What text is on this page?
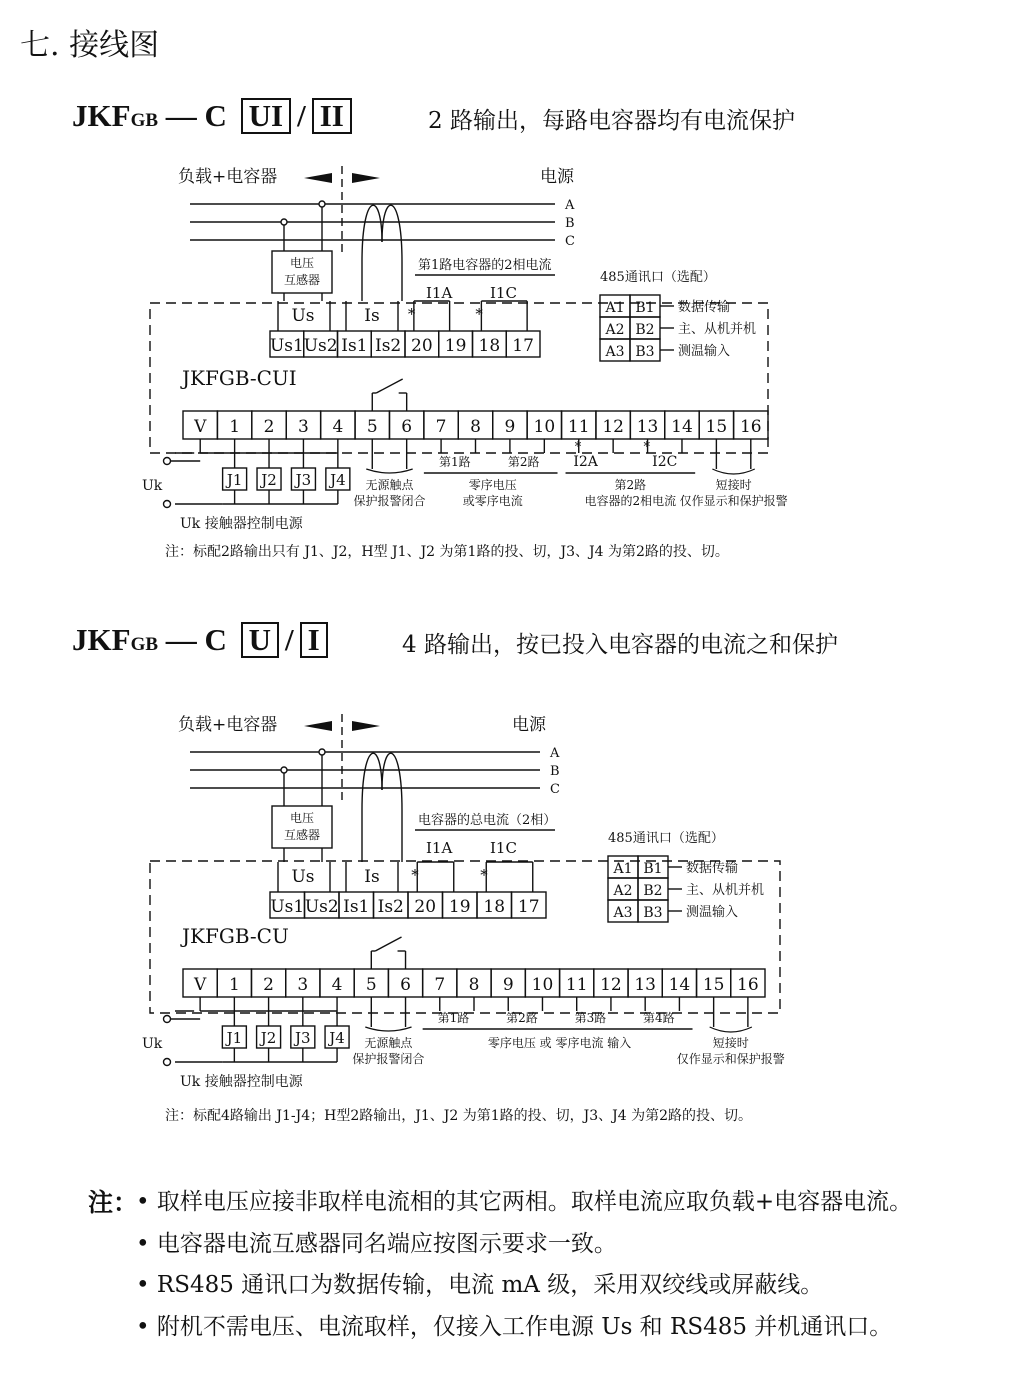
七. 接线图
JKFGB — C UI / II	2 路输出，每路电容器均有电流保护
负载+电容器	电源
A
B
C
电压
互感器
第1路电容器的2相电流
I1A	I1C
Us1 Us2 Is1 Is2 20 19 18 17
Us	Is *	*
485通讯口（选配）
A1 B1 数据传输
A2 B2 主、从机并机
A3 B3 测温输入
JKFGB-CUI
V 1 2 3 4 5 6 7 8 9 10 11 12 13 14 15 16
J1 J2 J3 J4
Uk
Uk 接触器控制电源
无源触点
保护报警闭合
第1路	第2路
零序电压
或零序电流
I2A	I2C
第2路
电容器的2相电流
*	*
短接时
仅作显示和保护报警
注：标配2路输出只有 J1、J2，H型 J1、J2 为第1路的投、切，J3、J4 为第2路的投、切。
JKFGB — C U / I	4 路输出，按已投入电容器的电流之和保护
负载+电容器	电源
A
B
C
电压
互感器
电容器的总电流（2相）
I1A	I1C
Us1 Us2 Is1 Is2 20 19 18 17
Us	Is *	*
485通讯口（选配）
A1 B1 数据传输
A2 B2 主、从机并机
A3 B3 测温输入
JKFGB-CU
V 1 2 3 4 5 6 7 8 9 10 11 12 13 14 15 16
J1 J2 J3 J4
Uk
Uk 接触器控制电源
无源触点
保护报警闭合
第1路	第2路	第3路	第4路
零序电压 或 零序电流 输入	短接时
仅作显示和保护报警
注：标配4路输出 J1-J4；H型2路输出，J1、J2 为第1路的投、切，J3、J4 为第2路的投、切。
注：
• 取样电压应接非取样电流相的其它两相。取样电流应取负载+电容器电流。
• 电容器电流互感器同名端应按图示要求一致。
• RS485 通讯口为数据传输，电流 mA 级，采用双绞线或屏蔽线。
• 附机不需电压、电流取样，仅接入工作电源 Us 和 RS485 并机通讯口。
